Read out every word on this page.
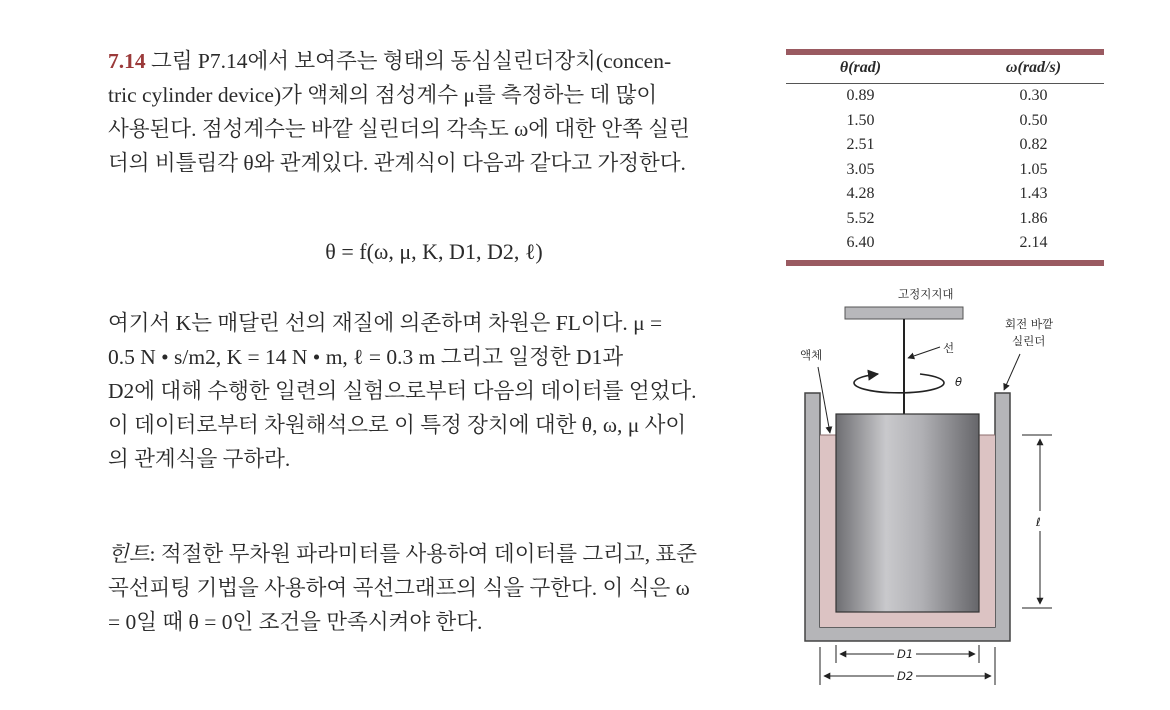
7.14 그림 P7.14에서 보여주는 형태의 동심실린더장치(concen-
tric cylinder device)가 액체의 점성계수 μ를 측정하는 데 많이
사용된다. 점성계수는 바깥 실린더의 각속도 ω에 대한 안쪽 실린
더의 비틀림각 θ와 관계있다. 관계식이 다음과 같다고 가정한다.

θ = f(ω, μ, K, D1, D2, ℓ)

여기서 K는 매달린 선의 재질에 의존하며 차원은 FL이다. μ =
0.5 N • s/m2, K = 14 N • m, ℓ = 0.3 m 그리고 일정한 D1과
D2에 대해 수행한 일련의 실험으로부터 다음의 데이터를 얻었다.
이 데이터로부터 차원해석으로 이 특정 장치에 대한 θ, ω, μ 사이
의 관계식을 구하라.

힌트: 적절한 무차원 파라미터를 사용하여 데이터를 그리고, 표준
곡선피팅 기법을 사용하여 곡선그래프의 식을 구한다. 이 식은 ω
= 0일 때 θ = 0인 조건을 만족시켜야 한다.

θ(rad)	ω(rad/s)
0.89	0.30
1.50	0.50
2.51	0.82
3.05	1.05
4.28	1.43
5.52	1.86
6.40	2.14
고정지지대
선
θ
회전 바깥
실린더
액체
ℓ
D1
D2
